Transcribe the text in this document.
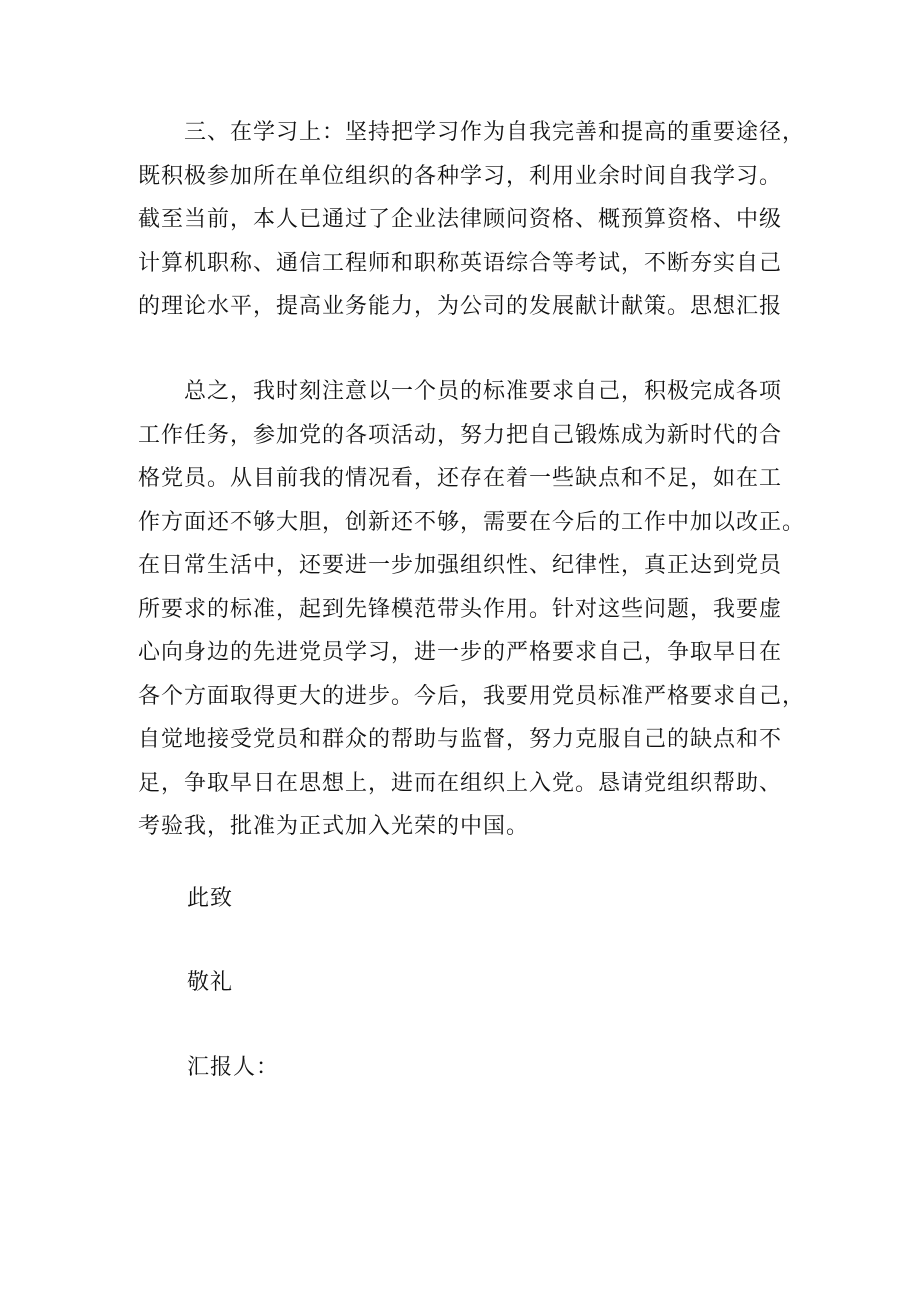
　　三、在学习上：坚持把学习作为自我完善和提高的重要途径，
既积极参加所在单位组织的各种学习，利用业余时间自我学习。
截至当前，本人已通过了企业法律顾问资格、概预算资格、中级
计算机职称、通信工程师和职称英语综合等考试，不断夯实自己
的理论水平，提高业务能力，为公司的发展献计献策。思想汇报
　　总之，我时刻注意以一个员的标准要求自己，积极完成各项
工作任务，参加党的各项活动，努力把自己锻炼成为新时代的合
格党员。从目前我的情况看，还存在着一些缺点和不足，如在工
作方面还不够大胆，创新还不够，需要在今后的工作中加以改正。
在日常生活中，还要进一步加强组织性、纪律性，真正达到党员
所要求的标准，起到先锋模范带头作用。针对这些问题，我要虚
心向身边的先进党员学习，进一步的严格要求自己，争取早日在
各个方面取得更大的进步。今后，我要用党员标准严格要求自己，
自觉地接受党员和群众的帮助与监督，努力克服自己的缺点和不
足，争取早日在思想上，进而在组织上入党。恳请党组织帮助、
考验我，批准为正式加入光荣的中国。
此致
敬礼
汇报人：
